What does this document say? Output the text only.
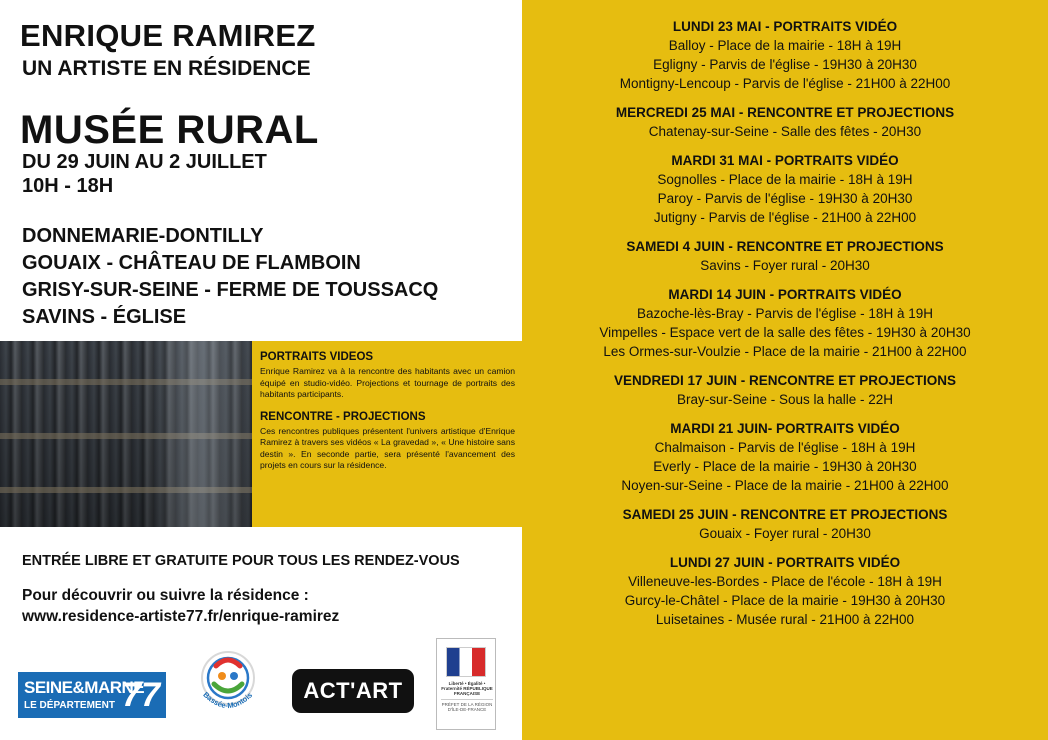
ENRIQUE RAMIREZ
UN ARTISTE EN RÉSIDENCE
MUSÉE RURAL
DU 29 JUIN AU 2 JUILLET
10H - 18H
DONNEMARIE-DONTILLY
GOUAIX - CHÂTEAU DE FLAMBOIN
GRISY-SUR-SEINE - FERME DE TOUSSACQ
SAVINS - ÉGLISE
PORTRAITS VIDEOS

Enrique Ramirez va à la rencontre des habitants avec un camion équipé en studio-vidéo. Projections et tournage de portraits des habitants participants.

RENCONTRE - PROJECTIONS

Ces rencontres publiques présentent l'univers artistique d'Enrique Ramirez à travers ses vidéos « La gravedad », « Une histoire sans destin ». En seconde partie, sera présenté l'avancement des projets en cours sur la résidence.

ENTRÉE LIBRE ET GRATUITE POUR TOUS LES RENDEZ-VOUS
Pour découvrir ou suivre la résidence :
www.residence-artiste77.fr/enrique-ramirez
SEINE&MARNE
LE DÉPARTEMENT 77	Bassée-Montois	ACT'ART	Liberté • Égalité • Fraternité RÉPUBLIQUE FRANÇAISE
PRÉFET DE LA RÉGION D'ÎLE-DE-FRANCE
LUNDI 23 MAI - PORTRAITS VIDÉO
Balloy - Place de la mairie - 18H à 19H
Egligny - Parvis de l'église - 19H30 à 20H30
Montigny-Lencoup - Parvis de l'église - 21H00 à 22H00
MERCREDI 25 MAI - RENCONTRE ET PROJECTIONS
Chatenay-sur-Seine - Salle des fêtes - 20H30
MARDI 31 MAI - PORTRAITS VIDÉO
Sognolles - Place de la mairie - 18H à 19H
Paroy - Parvis de l'église - 19H30 à 20H30
Jutigny - Parvis de l'église - 21H00 à 22H00
SAMEDI 4 JUIN - RENCONTRE ET PROJECTIONS
Savins - Foyer rural - 20H30
MARDI 14 JUIN - PORTRAITS VIDÉO
Bazoche-lès-Bray - Parvis de l'église - 18H à 19H
Vimpelles - Espace vert de la salle des fêtes - 19H30 à 20H30
Les Ormes-sur-Voulzie - Place de la mairie - 21H00 à 22H00
VENDREDI 17 JUIN - RENCONTRE ET PROJECTIONS
Bray-sur-Seine - Sous la halle - 22H
MARDI 21 JUIN- PORTRAITS VIDÉO
Chalmaison - Parvis de l'église - 18H à 19H
Everly - Place de la mairie - 19H30 à 20H30
Noyen-sur-Seine - Place de la mairie - 21H00 à 22H00
SAMEDI 25 JUIN - RENCONTRE ET PROJECTIONS
Gouaix - Foyer rural - 20H30
LUNDI 27 JUIN - PORTRAITS VIDÉO
Villeneuve-les-Bordes - Place de l'école - 18H à 19H
Gurcy-le-Châtel - Place de la mairie - 19H30 à 20H30
Luisetaines - Musée rural - 21H00 à 22H00
